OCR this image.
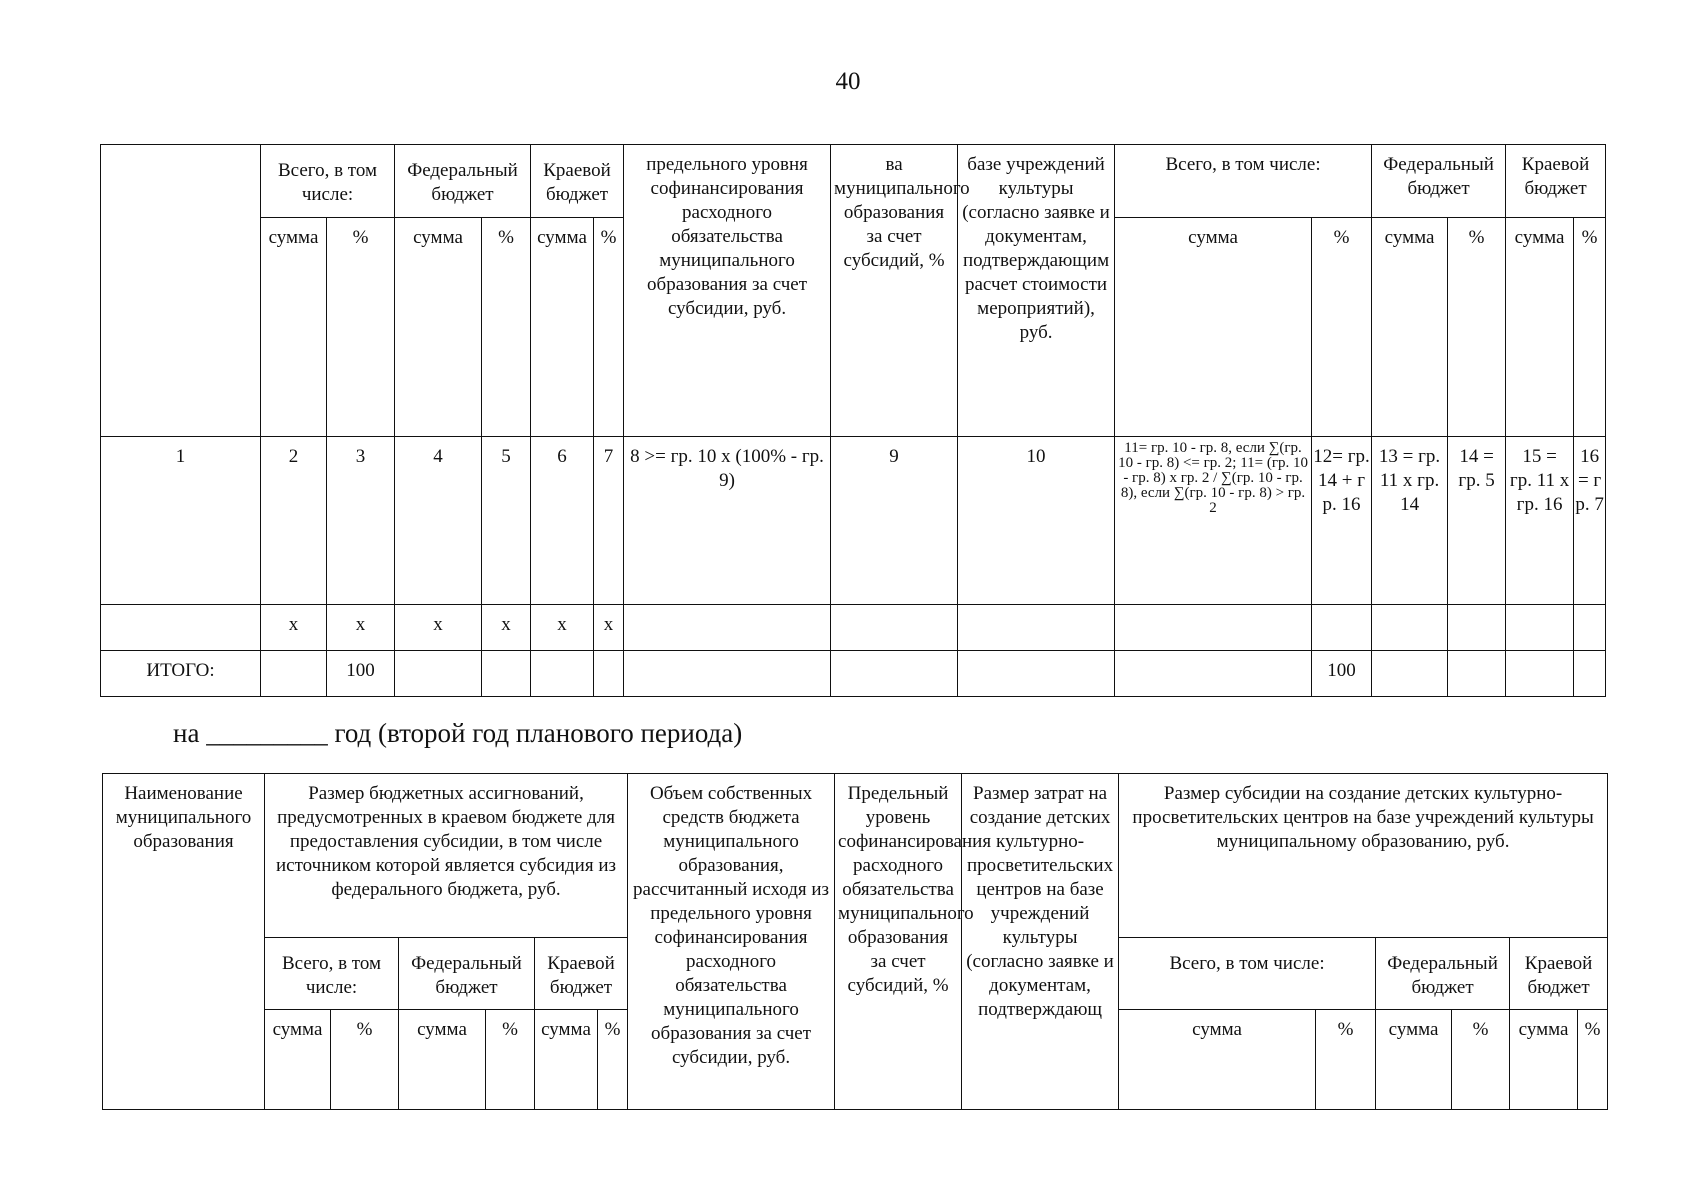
40
	Всего, в том числе:		Федеральный бюджет		Краевой бюджет		предельного уровня софинансирования расходного обязательства муниципального образования за счет субсидии, руб.	ва муниципального образования за счет субсидий, %	базе учреждений культуры (согласно заявке и документам, подтверждающим расчет стоимости мероприятий), руб.	Всего, в том числе:		Федеральный бюджет		Краевой бюджет	
	сумма	%	сумма	%	сумма	%				сумма	%	сумма	%	сумма	%
1	2	3	4	5	6	7	8 >= гр. 10 x (100% - гр. 9)	9	10	11= гр. 10 - гр. 8, если ∑(гр. 10 - гр. 8) <= гр. 2; 11= (гр. 10 - гр. 8) x гр. 2 / ∑(гр. 10 - гр. 8), если ∑(гр. 10 - гр. 8) > гр. 2	12= гр. 14 + гр. 16	13 = гр. 11 x гр. 14	14 = гр. 5	15 = гр. 11 x гр. 16	16 = гр. 7
	x	x	x	x	x	x									
ИТОГО:		100									100				
на _________ год (второй год планового периода)
Наименование муниципального образования	Размер бюджетных ассигнований, предусмотренных в краевом бюджете для предоставления субсидии, в том числе источником которой является субсидия из федерального бюджета, руб.						Объем собственных средств бюджета муниципального образования, рассчитанный исходя из предельного уровня софинансирования расходного обязательства муниципального образования за счет субсидии, руб.	Предельный уровень софинансирования расходного обязательства муниципального образования за счет субсидий, %	Размер затрат на создание детских культурно-просветительских центров на базе учреждений культуры (согласно заявке и документам, подтверждающ	Размер субсидии на создание детских культурно-просветительских центров на базе учреждений культуры муниципальному образованию, руб.					
	Всего, в том числе:		Федеральный бюджет		Краевой бюджет					Всего, в том числе:		Федеральный бюджет		Краевой бюджет	
	сумма	%	сумма	%	сумма	%				сумма	%	сумма	%	сумма	%
